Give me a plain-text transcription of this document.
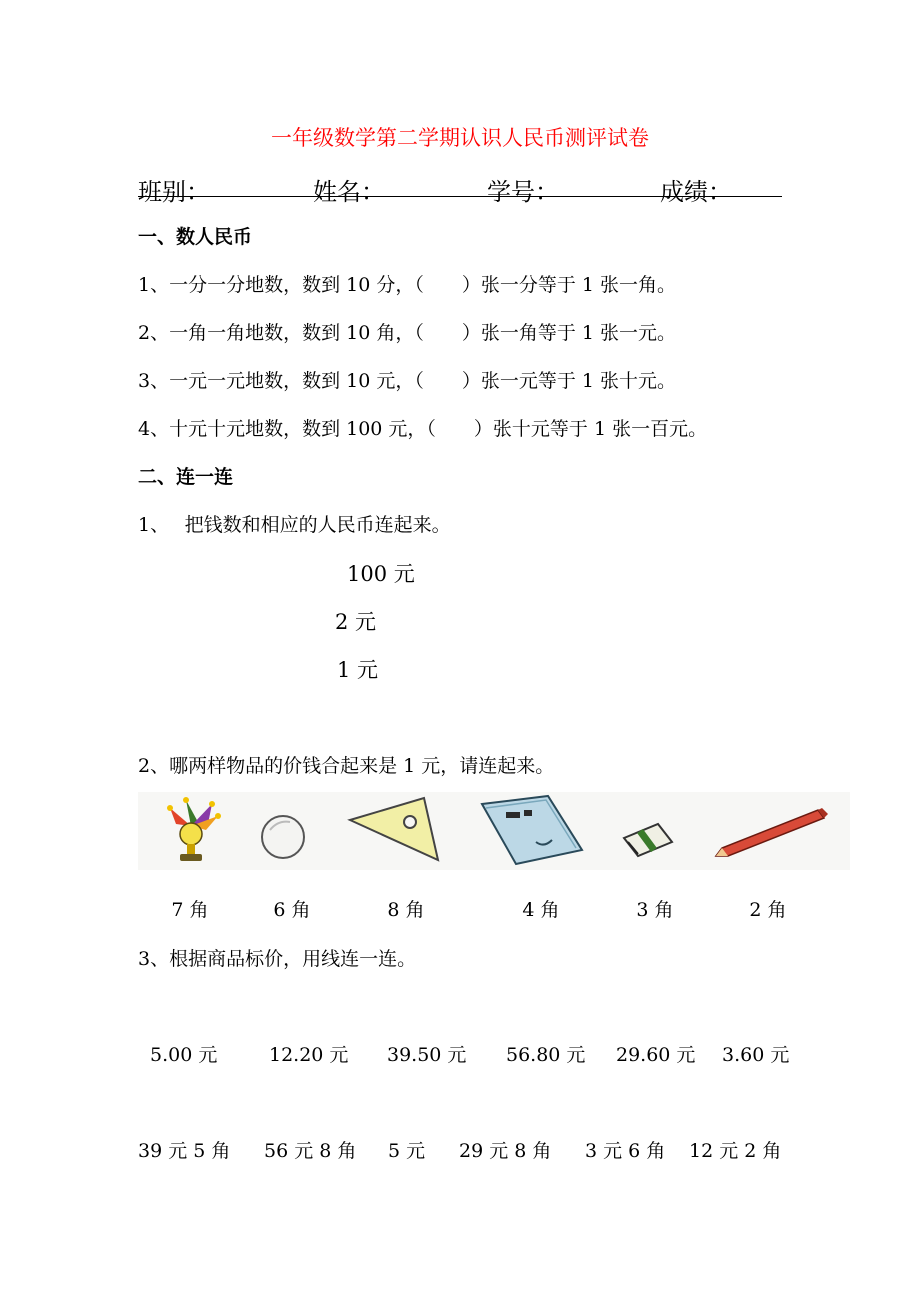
一年级数学第二学期认识人民币测评试卷
班别：	姓名：	学号：	成绩：
一、数人民币
1、一分一分地数，数到 10 分，（　　）张一分等于 1 张一角。
2、一角一角地数，数到 10 角，（　　）张一角等于 1 张一元。
3、一元一元地数，数到 10 元，（　　）张一元等于 1 张十元。
4、十元十元地数，数到 100 元，（　　）张十元等于 1 张一百元。
二、连一连
1、　 把钱数和相应的人民币连起来。
100 元
2 元
1 元
2、哪两样物品的价钱合起来是 1 元，请连起来。
7 角	6 角	8 角	4 角	3 角	2 角
3、根据商品标价，用线连一连。
5.00 元	12.20 元 39.50 元 56.80 元 29.60 元 3.60 元
39 元 5 角 56 元 8 角 5 元 29 元 8 角 3 元 6 角 12 元 2 角
